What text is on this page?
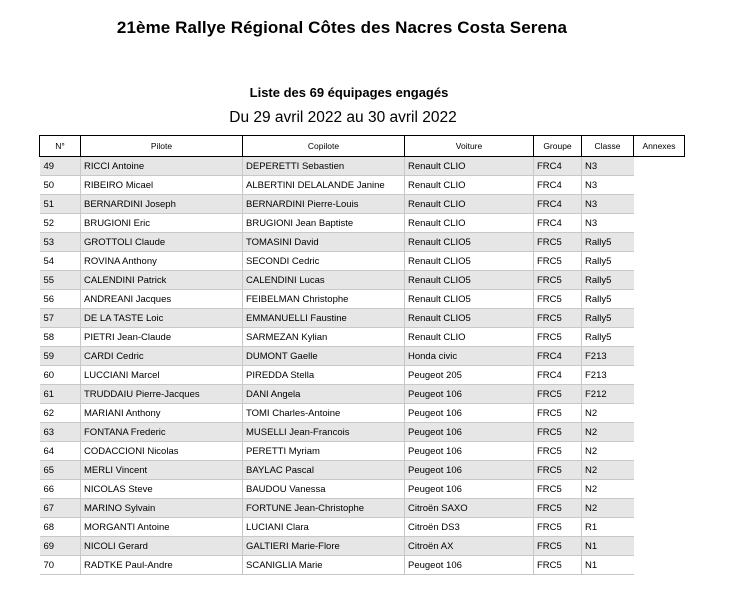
21ème Rallye Régional Côtes des Nacres Costa Serena
Liste des 69 équipages engagés
Du 29 avril 2022 au 30 avril 2022
N°	Pilote	Copilote	Voiture	Groupe	Classe	Annexes
49	RICCI Antoine	DEPERETTI Sebastien	Renault CLIO	FRC4	N3	
50	RIBEIRO Micael	ALBERTINI DELALANDE Janine	Renault CLIO	FRC4	N3	
51	BERNARDINI Joseph	BERNARDINI Pierre-Louis	Renault CLIO	FRC4	N3	
52	BRUGIONI Eric	BRUGIONI Jean Baptiste	Renault CLIO	FRC4	N3	
53	GROTTOLI Claude	TOMASINI David	Renault CLIO5	FRC5	Rally5	
54	ROVINA Anthony	SECONDI Cedric	Renault CLIO5	FRC5	Rally5	
55	CALENDINI Patrick	CALENDINI Lucas	Renault CLIO5	FRC5	Rally5	
56	ANDREANI Jacques	FEIBELMAN Christophe	Renault CLIO5	FRC5	Rally5	
57	DE LA TASTE Loic	EMMANUELLI Faustine	Renault CLIO5	FRC5	Rally5	
58	PIETRI Jean-Claude	SARMEZAN Kylian	Renault CLIO	FRC5	Rally5	
59	CARDI Cedric	DUMONT Gaelle	Honda civic	FRC4	F213	
60	LUCCIANI Marcel	PIREDDA Stella	Peugeot 205	FRC4	F213	
61	TRUDDAIU Pierre-Jacques	DANI Angela	Peugeot 106	FRC5	F212	
62	MARIANI Anthony	TOMI Charles-Antoine	Peugeot 106	FRC5	N2	
63	FONTANA Frederic	MUSELLI Jean-Francois	Peugeot 106	FRC5	N2	
64	CODACCIONI Nicolas	PERETTI Myriam	Peugeot 106	FRC5	N2	
65	MERLI Vincent	BAYLAC Pascal	Peugeot 106	FRC5	N2	
66	NICOLAS Steve	BAUDOU Vanessa	Peugeot 106	FRC5	N2	
67	MARINO Sylvain	FORTUNE Jean-Christophe	Citroën SAXO	FRC5	N2	
68	MORGANTI Antoine	LUCIANI Clara	Citroën DS3	FRC5	R1	
69	NICOLI Gerard	GALTIERI Marie-Flore	Citroën AX	FRC5	N1	
70	RADTKE Paul-Andre	SCANIGLIA Marie	Peugeot 106	FRC5	N1	
